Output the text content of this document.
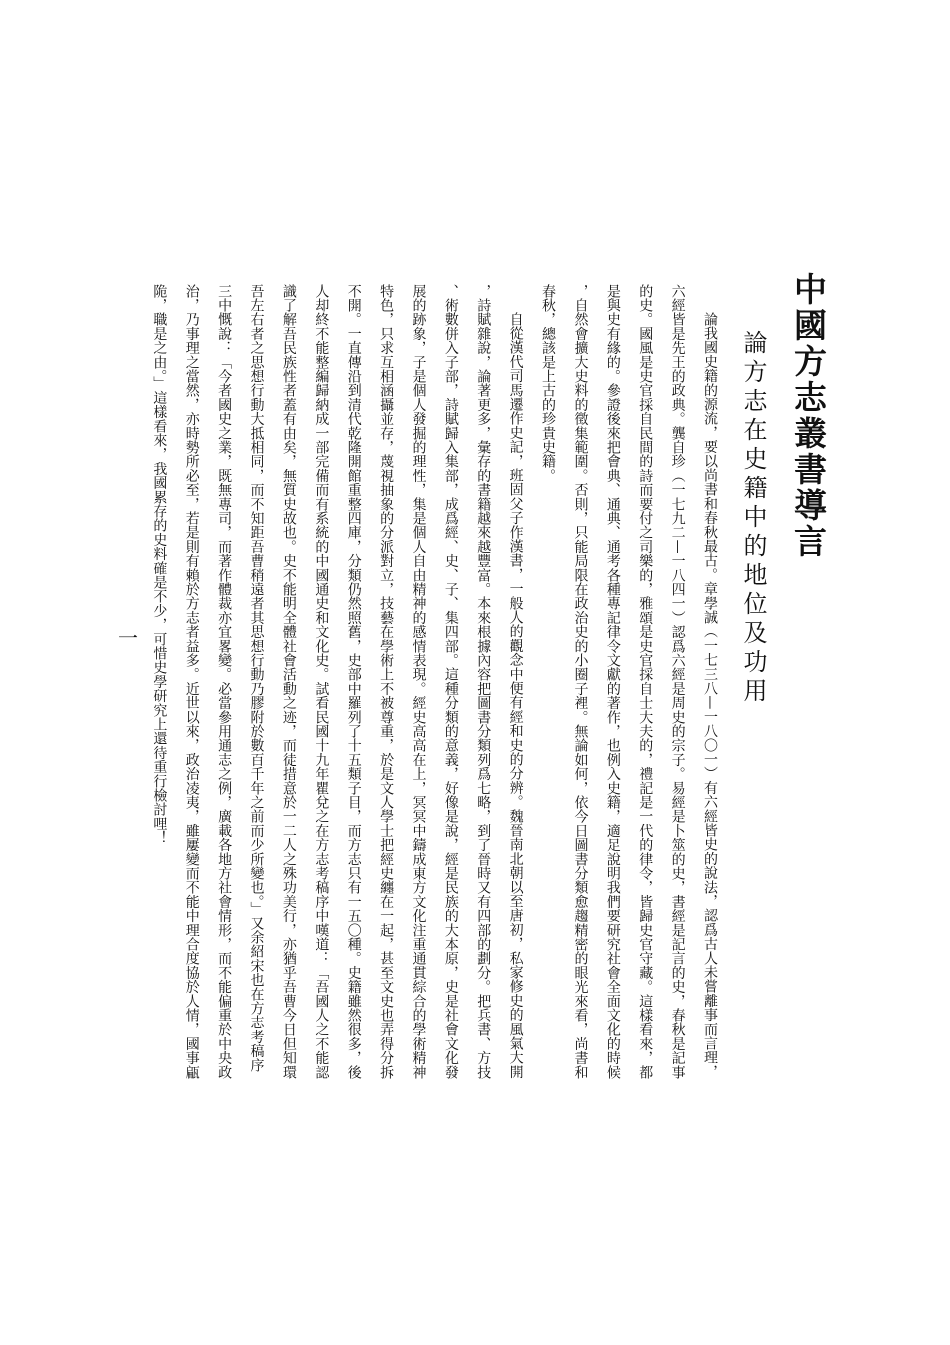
中國方志叢書導言
論方志在史籍中的地位及功用
論我國史籍的源流，要以尚書和春秋最古。章學誠（一七三八—一八〇一）有六經皆史的說法，認爲古人未嘗離事而言理，
六經皆是先王的政典。龔自珍（一七九二—一八四一）認爲六經是周史的宗子。易經是卜筮的史，書經是記言的史，春秋是記事
的史。國風是史官採自民間的詩而要付之司樂的，雅頌是史官採自士大夫的，禮記是一代的律令，皆歸史官守藏。這樣看來，都
是與史有緣的。參證後來把會典、通典、通考各種專記律令文獻的著作，也例入史籍，適足說明我們要研究社會全面文化的時候
，自然會擴大史料的徵集範圍。否則，只能局限在政治史的小圈子裡。無論如何，依今日圖書分類愈趨精密的眼光來看，尚書和
春秋，總該是上古的珍貴史籍。
自從漢代司馬遷作史記，班固父子作漢書，一般人的觀念中便有經和史的分辨。魏晉南北朝以至唐初，私家修史的風氣大開
，詩賦雜說，論著更多，彙存的書籍越來越豐富。本來根據內容把圖書分類列爲七略，到了晉時又有四部的劃分。把兵書、方技
、術數併入子部，詩賦歸入集部，成爲經、史、子、集四部。這種分類的意義，好像是說，經是民族的大本原，史是社會文化發
展的跡象，子是個人發掘的理性，集是個人自由精神的感情表現。經史高高在上，冥冥中鑄成東方文化注重通貫綜合的學術精神
特色，只求互相涵攝並存，蔑視抽象的分派對立，技藝在學術上不被尊重，於是文人學士把經史纏在一起，甚至文史也弄得分拆
不開。一直傳沿到清代乾隆開館重整四庫，分類仍然照舊，史部中羅列了十五類子目，而方志只有一五〇種。史籍雖然很多，後
人却終不能整編歸納成一部完備而有系統的中國通史和文化史。試看民國十九年瞿兌之在方志考稿序中嘆道：「吾國人之不能認
識了解吾民族性者蓋有由矣，無質史故也。史不能明全體社會活動之迹，而徒措意於一二人之殊功美行，亦猶乎吾曹今日但知環
吾左右者之思想行動大抵相同，而不知距吾曹稍遠者其思想行動乃膠附於數百千年之前而少所變也。」又余紹宋也在方志考稿序
三中慨說：「今者國史之業，既無專司，而著作體裁亦宜畧變。必當參用通志之例，廣載各地方社會情形，而不能偏重於中央政
治，乃事理之當然，亦時勢所必至，若是則有賴於方志者益多。近世以來，政治凌夷，雖屢變而不能中理合度協於人情，國事甂
陒，職是之由。」這樣看來，我國累存的史料確是不少，可惜史學研究上還待重行檢討哩！
一
